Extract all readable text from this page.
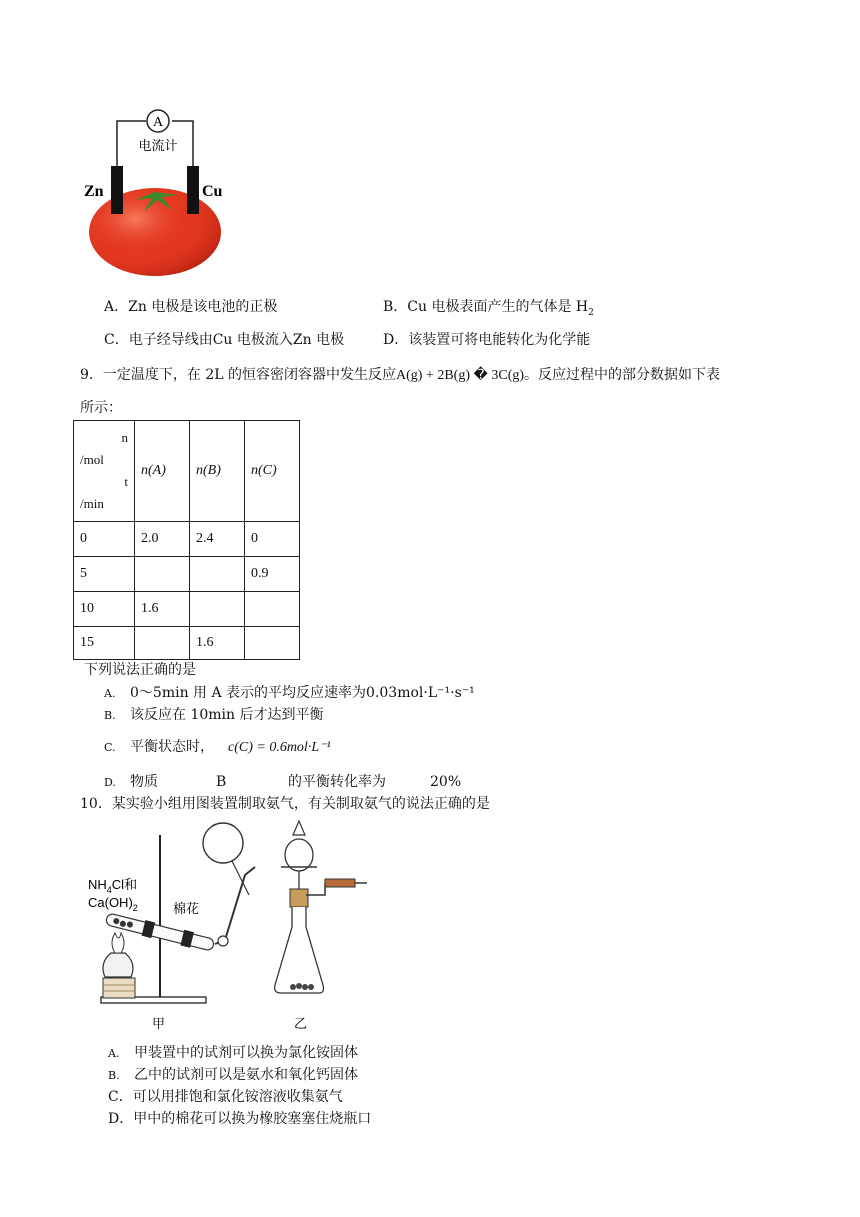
A
电流计
Zn	Cu
A．Zn 电极是该电池的正极	B．Cu 电极表面产生的气体是 $H_2$
C．电子经导线由Cu 电极流入Zn 电极	D．该装置可将电能转化为化学能
9．一定温度下，在 2L 的恒容密闭容器中发生反应A(g) + 2B(g) � 3C(g)。反应过程中的部分数据如下表
所示：
n
/mol
t
/min	n(A)	n(B)	n(C)
0	2.0	2.4	0
5			0.9
10	1.6		
15		1.6	
下列说法正确的是
A. 0～5min 用 A 表示的平均反应速率为0.03mol·L⁻¹·s⁻¹
B. 该反应在 10min 后才达到平衡
C. 平衡状态时， c(C) = 0.6mol·L⁻¹
D. 物质	B	的平衡转化率为	20%
10．某实验小组用图装置制取氨气，有关制取氨气的说法正确的是
$NH_4Cl$和
$Ca(OH)_2$	棉花
甲	乙
A. 甲装置中的试剂可以换为氯化铵固体
B. 乙中的试剂可以是氨水和氧化钙固体
C．可以用排饱和氯化铵溶液收集氨气
D．甲中的棉花可以换为橡胶塞塞住烧瓶口
